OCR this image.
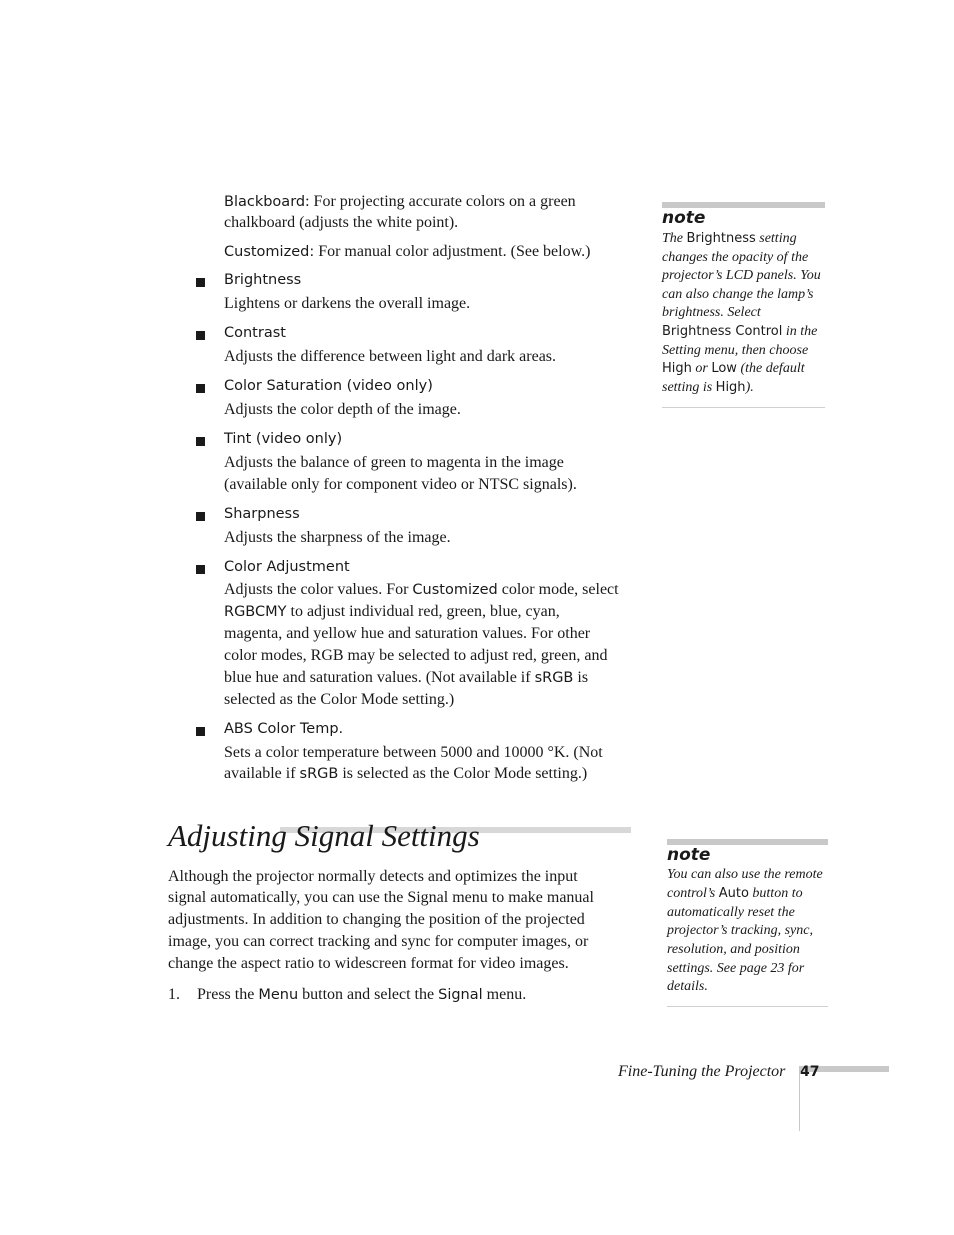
Blackboard: For projecting accurate colors on a green
chalkboard (adjusts the white point).
Customized: For manual color adjustment. (See below.)
Brightness
Lightens or darkens the overall image.
Contrast
Adjusts the difference between light and dark areas.
Color Saturation (video only)
Adjusts the color depth of the image.
Tint (video only)
Adjusts the balance of green to magenta in the image
(available only for component video or NTSC signals).
Sharpness
Adjusts the sharpness of the image.
Color Adjustment
Adjusts the color values. For Customized color mode, select
RGBCMY to adjust individual red, green, blue, cyan,
magenta, and yellow hue and saturation values. For other
color modes, RGB may be selected to adjust red, green, and
blue hue and saturation values. (Not available if sRGB is
selected as the Color Mode setting.)
ABS Color Temp.
Sets a color temperature between 5000 and 10000 °K. (Not
available if sRGB is selected as the Color Mode setting.)
note
The Brightness setting
changes the opacity of the
projector’s LCD panels. You
can also change the lamp’s
brightness. Select
Brightness Control in the
Setting menu, then choose
High or Low (the default
setting is High).
Adjusting Signal Settings
Although the projector normally detects and optimizes the input
signal automatically, you can use the Signal menu to make manual
adjustments. In addition to changing the position of the projected
image, you can correct tracking and sync for computer images, or
change the aspect ratio to widescreen format for video images.
1. Press the Menu button and select the Signal menu.
note
You can also use the remote
control’s Auto button to
automatically reset the
projector’s tracking, sync,
resolution, and position
settings. See page 23 for
details.
Fine-Tuning the Projector 47
